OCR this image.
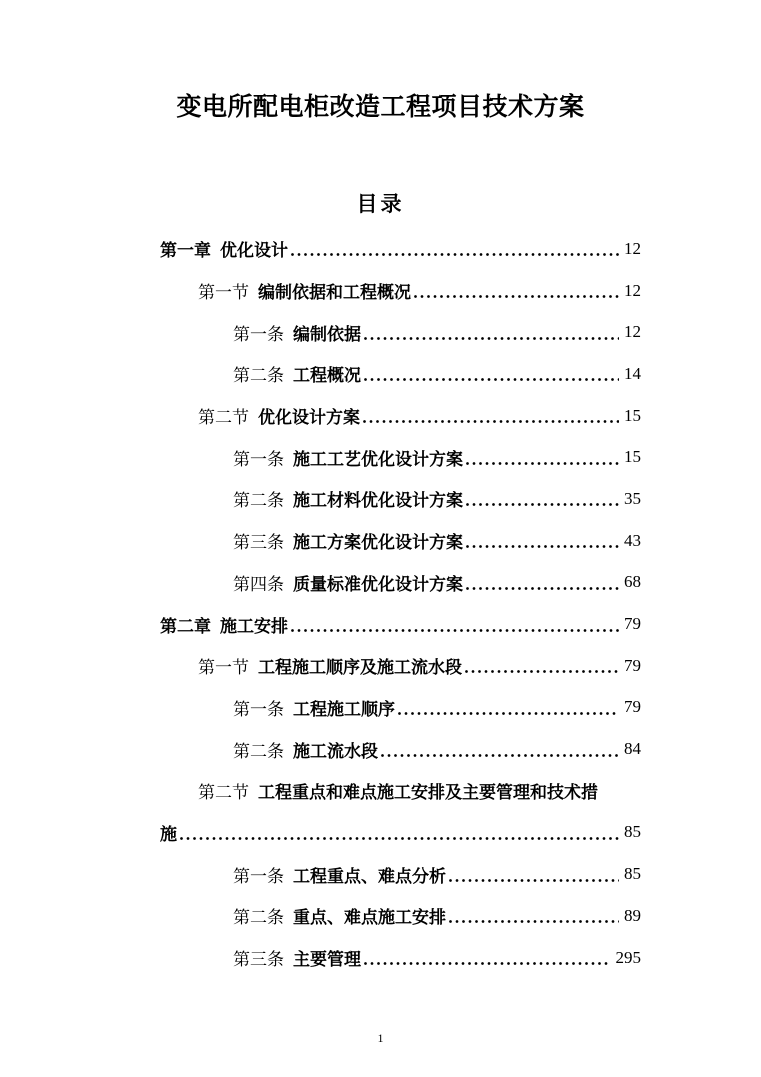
变电所配电柜改造工程项目技术方案
目录
第一章 优化设计	12
第一节 编制依据和工程概况	12
第一条 编制依据	12
第二条 工程概况	14
第二节 优化设计方案	15
第一条 施工工艺优化设计方案	15
第二条 施工材料优化设计方案	35
第三条 施工方案优化设计方案	43
第四条 质量标准优化设计方案	68
第二章 施工安排	79
第一节 工程施工顺序及施工流水段	79
第一条 工程施工顺序	79
第二条 施工流水段	84
第二节 工程重点和难点施工安排及主要管理和技术措
施	85
第一条 工程重点、难点分析	85
第二条 重点、难点施工安排	89
第三条 主要管理	295
1
